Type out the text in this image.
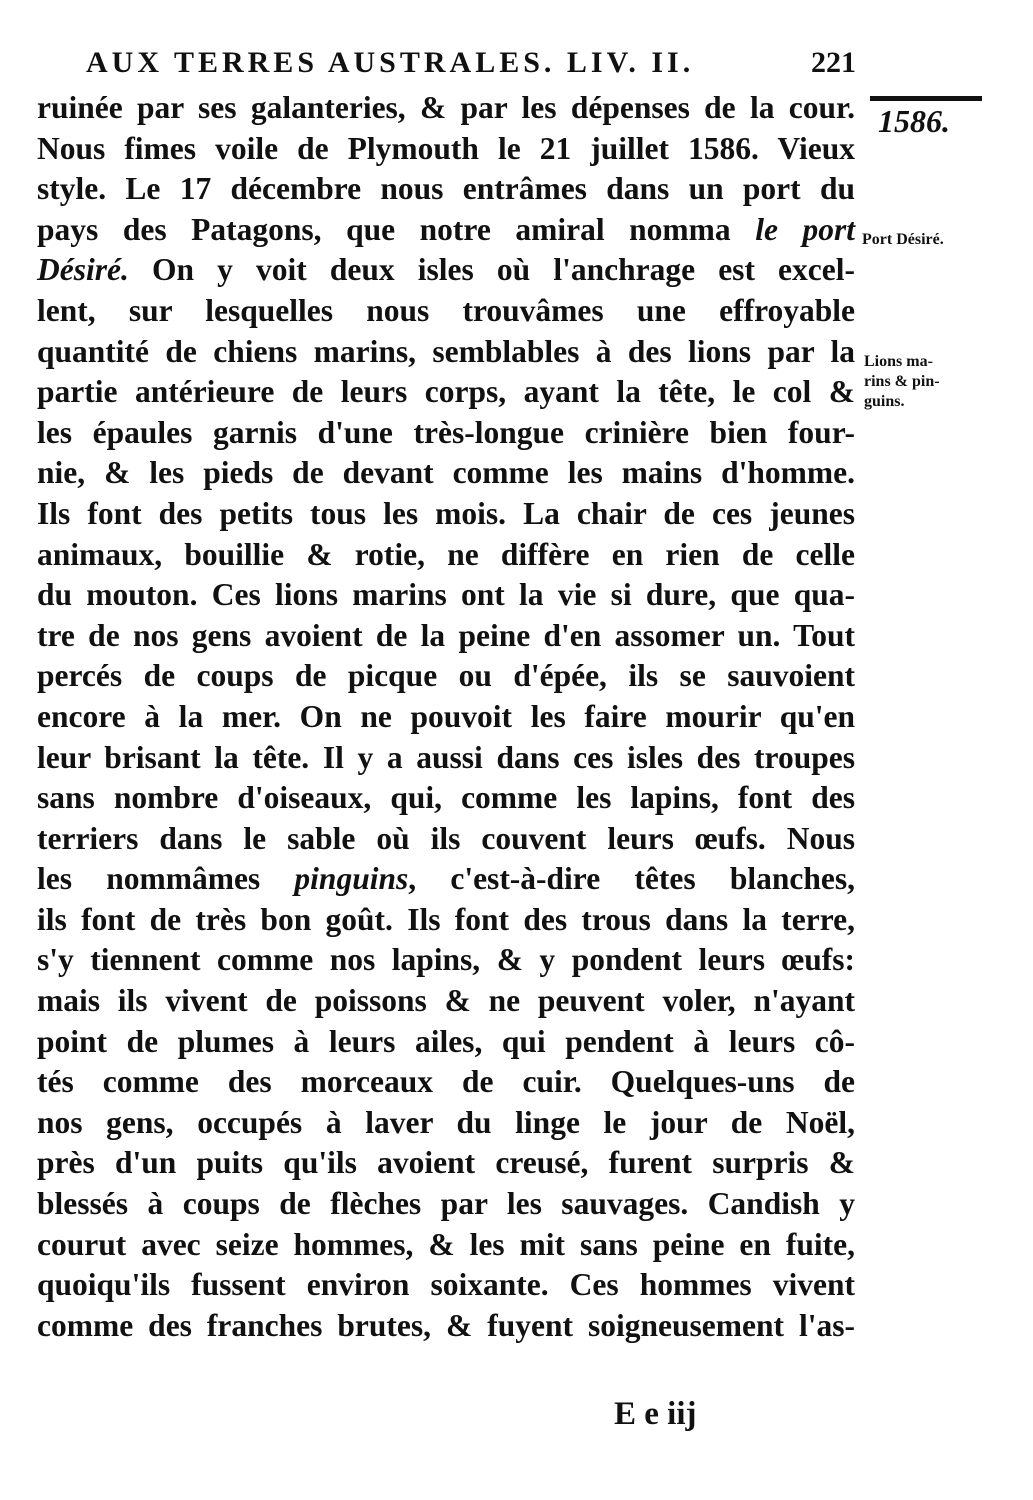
AUX TERRES AUSTRALES. LIV. II.	221
1586.
Port Désiré.
Lions ma-
rins & pin-
guins.
ruinée par ses galanteries, & par les dépenses de la cour.
Nous fimes voile de Plymouth le 21 juillet 1586. Vieux
style. Le 17 décembre nous entrâmes dans un port du
pays des Patagons, que notre amiral nomma le port
Désiré. On y voit deux isles où l'anchrage est excel-
lent, sur lesquelles nous trouvâmes une effroyable
quantité de chiens marins, semblables à des lions par la
partie antérieure de leurs corps, ayant la tête, le col &
les épaules garnis d'une très-longue crinière bien four-
nie, & les pieds de devant comme les mains d'homme.
Ils font des petits tous les mois. La chair de ces jeunes
animaux, bouillie & rotie, ne diffère en rien de celle
du mouton. Ces lions marins ont la vie si dure, que qua-
tre de nos gens avoient de la peine d'en assomer un. Tout
percés de coups de picque ou d'épée, ils se sauvoient
encore à la mer. On ne pouvoit les faire mourir qu'en
leur brisant la tête. Il y a aussi dans ces isles des troupes
sans nombre d'oiseaux, qui, comme les lapins, font des
terriers dans le sable où ils couvent leurs œufs. Nous
les nommâmes pinguins, c'est-à-dire têtes blanches,
ils font de très bon goût. Ils font des trous dans la terre,
s'y tiennent comme nos lapins, & y pondent leurs œufs:
mais ils vivent de poissons & ne peuvent voler, n'ayant
point de plumes à leurs ailes, qui pendent à leurs cô-
tés comme des morceaux de cuir. Quelques-uns de
nos gens, occupés à laver du linge le jour de Noël,
près d'un puits qu'ils avoient creusé, furent surpris &
blessés à coups de flèches par les sauvages. Candish y
courut avec seize hommes, & les mit sans peine en fuite,
quoiqu'ils fussent environ soixante. Ces hommes vivent
comme des franches brutes, & fuyent soigneusement l'as-
E e iij
